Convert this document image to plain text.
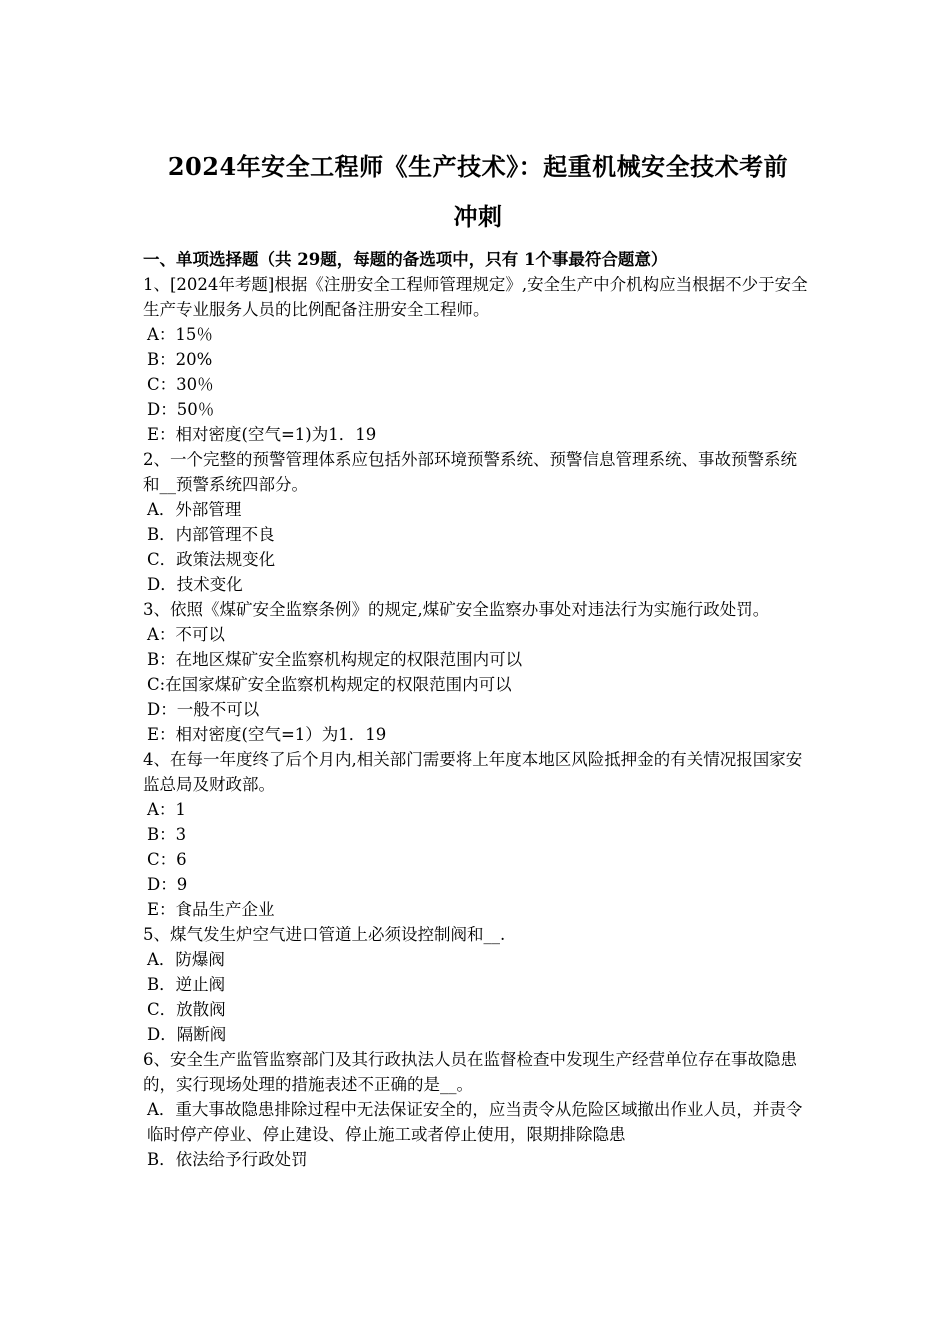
2024年安全工程师《生产技术》：起重机械安全技术考前
冲刺
一、单项选择题（共 29题，每题的备选项中，只有 1个事最符合题意）
1、[2024年考题]根据《注册安全工程师管理规定》,安全生产中介机构应当根据不少于安全生产专业服务人员的比例配备注册安全工程师。
A：15％
B：20%
C：30％
D：50％
E：相对密度(空气=1)为1．19
2、一个完整的预警管理体系应包括外部环境预警系统、预警信息管理系统、事故预警系统和__预警系统四部分。
A．外部管理
B．内部管理不良
C．政策法规变化
D．技术变化
3、依照《煤矿安全监察条例》的规定,煤矿安全监察办事处对违法行为实施行政处罚。
A：不可以
B：在地区煤矿安全监察机构规定的权限范围内可以
C:在国家煤矿安全监察机构规定的权限范围内可以
D：一般不可以
E：相对密度(空气=1）为1．19
4、在每一年度终了后个月内,相关部门需要将上年度本地区风险抵押金的有关情况报国家安监总局及财政部。
A：1
B：3
C：6
D：9
E：食品生产企业
5、煤气发生炉空气进口管道上必须设控制阀和__.
A．防爆阀
B．逆止阀
C．放散阀
D．隔断阀
6、安全生产监管监察部门及其行政执法人员在监督检查中发现生产经营单位存在事故隐患的，实行现场处理的措施表述不正确的是__。
A．重大事故隐患排除过程中无法保证安全的，应当责令从危险区域撤出作业人员，并责令临时停产停业、停止建设、停止施工或者停止使用，限期排除隐患
B．依法给予行政处罚
